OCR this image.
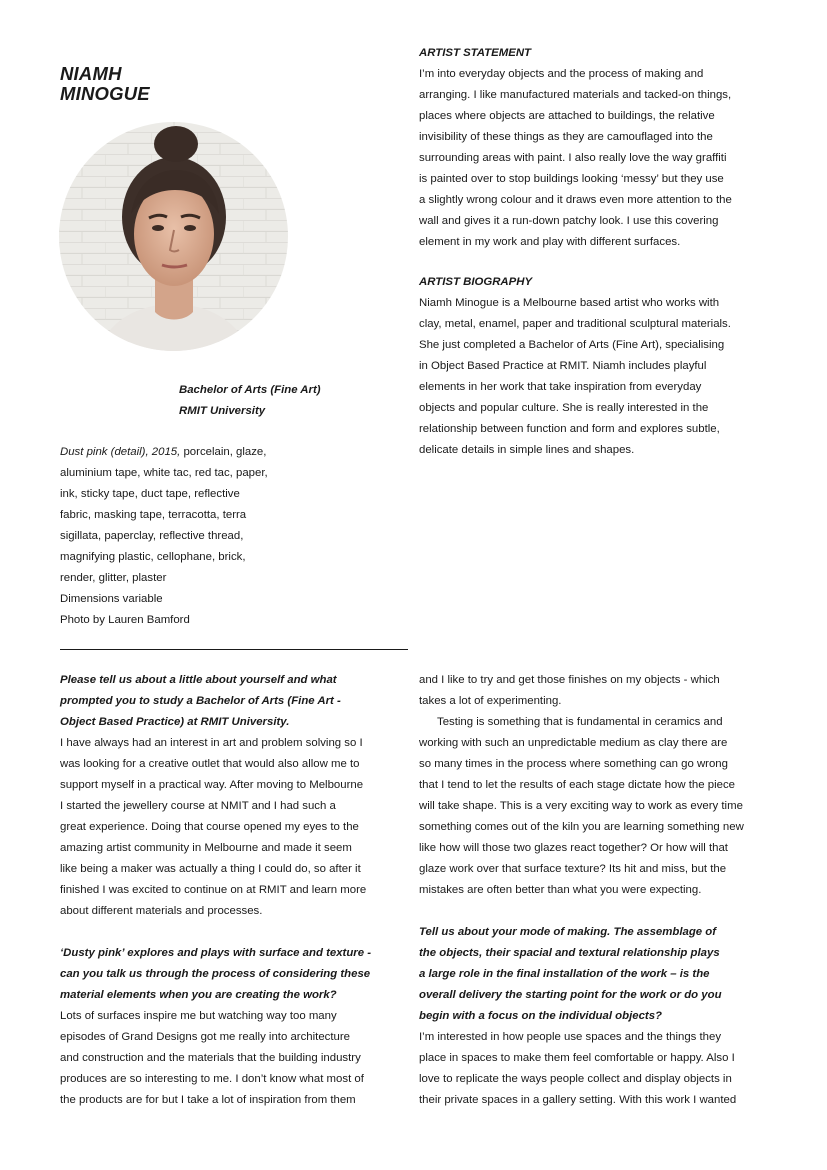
NIAMH
MINOGUE
Bachelor of Arts (Fine Art)
RMIT University
Dust pink (detail), 2015, porcelain, glaze,
aluminium tape, white tac, red tac, paper,
ink, sticky tape, duct tape, reflective
fabric, masking tape, terracotta, terra
sigillata, paperclay, reflective thread,
magnifying plastic, cellophane, brick,
render, glitter, plaster
Dimensions variable
Photo by Lauren Bamford
ARTIST STATEMENT
I’m into everyday objects and the process of making and
arranging. I like manufactured materials and tacked-on things,
places where objects are attached to buildings, the relative
invisibility of these things as they are camouflaged into the
surrounding areas with paint. I also really love the way graffiti
is painted over to stop buildings looking ‘messy’ but they use
a slightly wrong colour and it draws even more attention to the
wall and gives it a run-down patchy look. I use this covering
element in my work and play with different surfaces.
ARTIST BIOGRAPHY
Niamh Minogue is a Melbourne based artist who works with
clay, metal, enamel, paper and traditional sculptural materials.
She just completed a Bachelor of Arts (Fine Art), specialising
in Object Based Practice at RMIT. Niamh includes playful
elements in her work that take inspiration from everyday
objects and popular culture. She is really interested in the
relationship between function and form and explores subtle,
delicate details in simple lines and shapes.
Please tell us about a little about yourself and what
prompted you to study a Bachelor of Arts (Fine Art -
Object Based Practice) at RMIT University.
I have always had an interest in art and problem solving so I
was looking for a creative outlet that would also allow me to
support myself in a practical way. After moving to Melbourne
I started the jewellery course at NMIT and I had such a
great experience. Doing that course opened my eyes to the
amazing artist community in Melbourne and made it seem
like being a maker was actually a thing I could do, so after it
finished I was excited to continue on at RMIT and learn more
about different materials and processes.
‘Dusty pink’ explores and plays with surface and texture -
can you talk us through the process of considering these
material elements when you are creating the work?
Lots of surfaces inspire me but watching way too many
episodes of Grand Designs got me really into architecture
and construction and the materials that the building industry
produces are so interesting to me. I don’t know what most of
the products are for but I take a lot of inspiration from them
and I like to try and get those finishes on my objects - which
takes a lot of experimenting.
Testing is something that is fundamental in ceramics and
working with such an unpredictable medium as clay there are
so many times in the process where something can go wrong
that I tend to let the results of each stage dictate how the piece
will take shape. This is a very exciting way to work as every time
something comes out of the kiln you are learning something new
like how will those two glazes react together? Or how will that
glaze work over that surface texture? Its hit and miss, but the
mistakes are often better than what you were expecting.
Tell us about your mode of making. The assemblage of
the objects, their spacial and textural relationship plays
a large role in the final installation of the work – is the
overall delivery the starting point for the work or do you
begin with a focus on the individual objects?
I’m interested in how people use spaces and the things they
place in spaces to make them feel comfortable or happy. Also I
love to replicate the ways people collect and display objects in
their private spaces in a gallery setting. With this work I wanted
